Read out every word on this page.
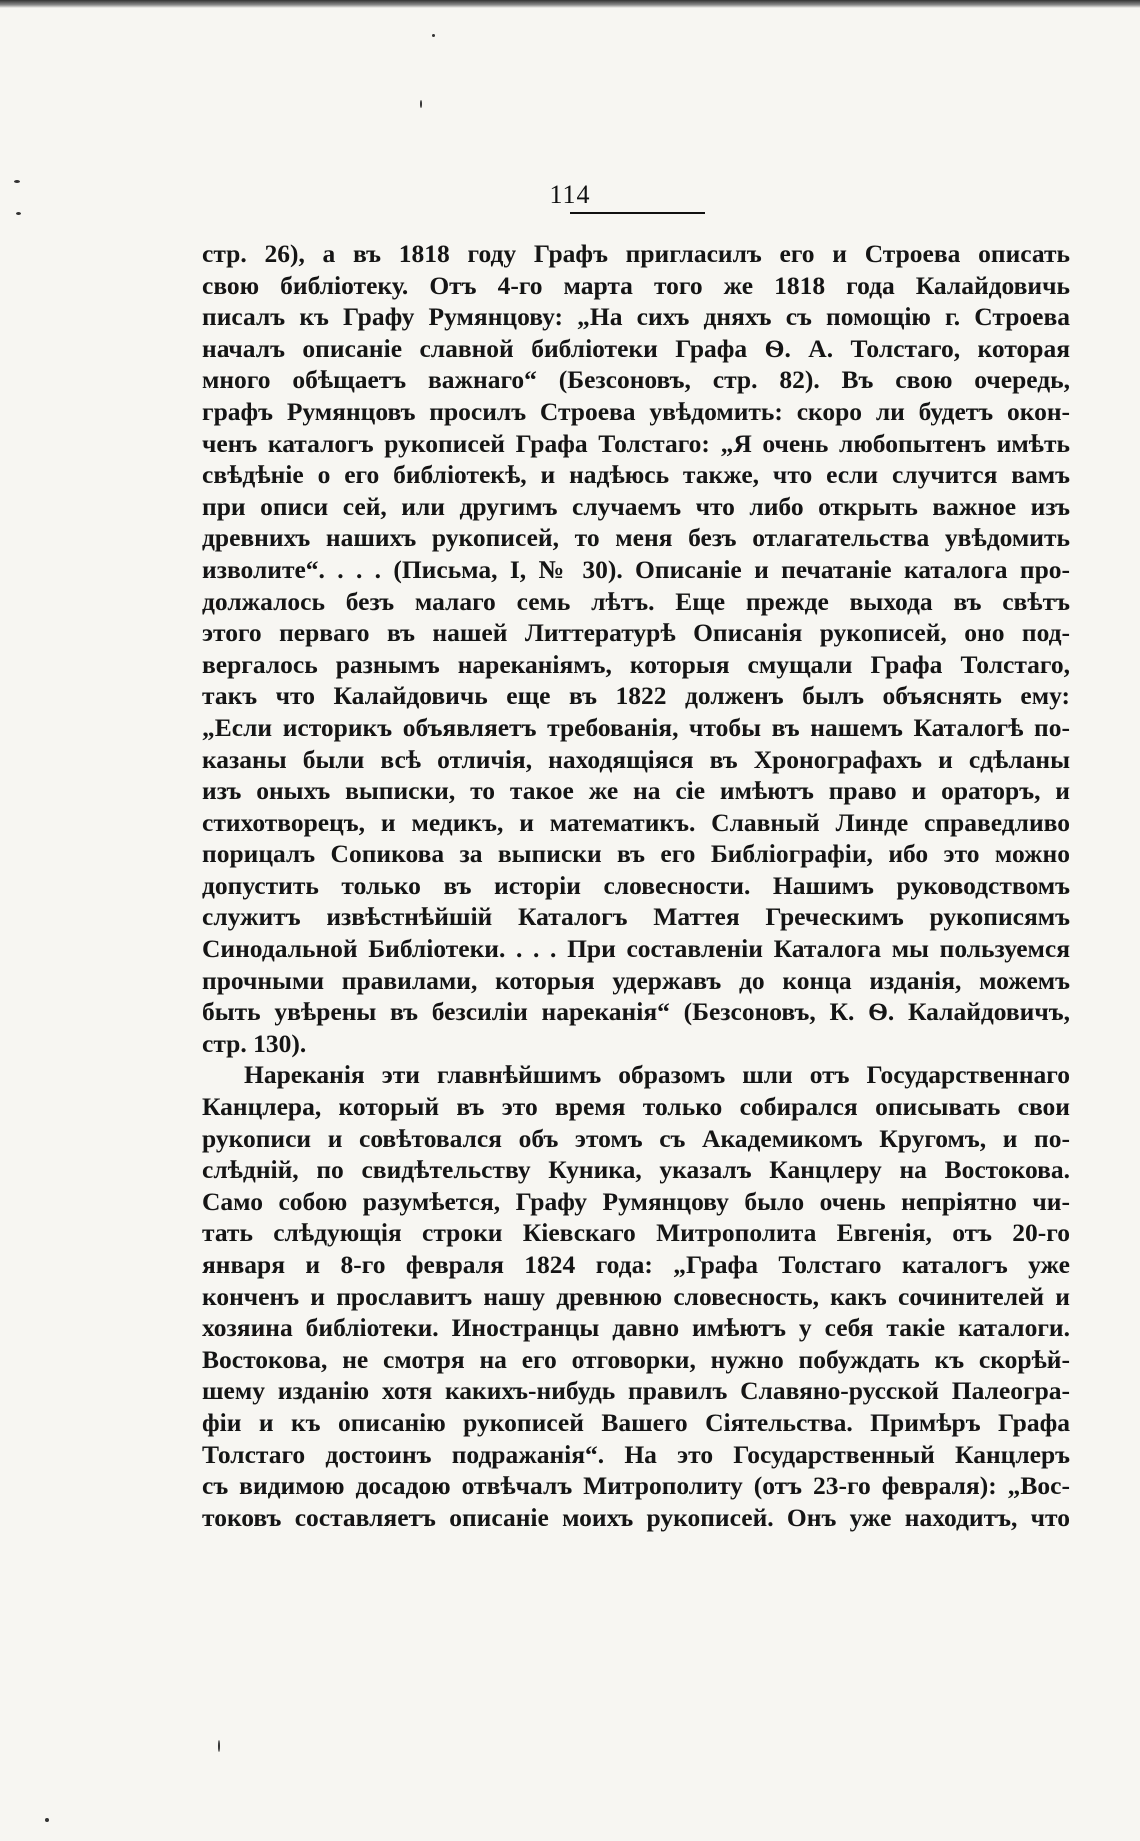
114
стр. 26), а въ 1818 году Графъ пригласилъ его и Строева описать
свою библіотеку. Отъ 4-го марта того же 1818 года Калайдовичь
писалъ къ Графу Румянцову: „На сихъ дняхъ съ помощію г. Строева
началъ описаніе славной библіотеки Графа Ѳ. А. Толстаго, которая
много обѣщаетъ важнаго“ (Безсоновъ, стр. 82). Въ свою очередь,
графъ Румянцовъ просилъ Строева увѣдомить: скоро ли будетъ окон-
ченъ каталогъ рукописей Графа Толстаго: „Я очень любопытенъ имѣть
свѣдѣніе о его библіотекѣ, и надѣюсь также, что если случится вамъ
при описи сей, или другимъ случаемъ что либо открыть важное изъ
древнихъ нашихъ рукописей, то меня безъ отлагательства увѣдомить
изволите“. . . . (Письма, I, № 30). Описаніе и печатаніе каталога про-
должалось безъ малаго семь лѣтъ. Еще прежде выхода въ свѣтъ
этого перваго въ нашей Литтературѣ Описанія рукописей, оно под-
вергалось разнымъ нареканіямъ, которыя смущали Графа Толстаго,
такъ что Калайдовичь еще въ 1822 долженъ былъ объяснять ему:
„Если историкъ объявляетъ требованія, чтобы въ нашемъ Каталогѣ по-
казаны были всѣ отличія, находящіяся въ Хронографахъ и сдѣланы
изъ оныхъ выписки, то такое же на сіе имѣютъ право и ораторъ, и
стихотворецъ, и медикъ, и математикъ. Славный Линде справедливо
порицалъ Сопикова за выписки въ его Библіографіи, ибо это можно
допустить только въ исторіи словесности. Нашимъ руководствомъ
служитъ извѣстнѣйшій Каталогъ Маттея Греческимъ рукописямъ
Синодальной Библіотеки. . . . При составленіи Каталога мы пользуемся
прочными правилами, которыя удержавъ до конца изданія, можемъ
быть увѣрены въ безсиліи нареканія“ (Безсоновъ, К. Ѳ. Калайдовичъ,
стр. 130).
Нареканія эти главнѣйшимъ образомъ шли отъ Государственнаго
Канцлера, который въ это время только собирался описывать свои
рукописи и совѣтовался объ этомъ съ Академикомъ Кругомъ, и по-
слѣдній, по свидѣтельству Куника, указалъ Канцлеру на Востокова.
Само собою разумѣется, Графу Румянцову было очень непріятно чи-
тать слѣдующія строки Кіевскаго Митрополита Евгенія, отъ 20-го
января и 8-го февраля 1824 года: „Графа Толстаго каталогъ уже
конченъ и прославитъ нашу древнюю словесность, какъ сочинителей и
хозяина библіотеки. Иностранцы давно имѣютъ у себя такіе каталоги.
Востокова, не смотря на его отговорки, нужно побуждать къ скорѣй-
шему изданію хотя какихъ-нибудь правилъ Славяно-русской Палеогра-
фіи и къ описанію рукописей Вашего Сіятельства. Примѣръ Графа
Толстаго достоинъ подражанія“. На это Государственный Канцлеръ
съ видимою досадою отвѣчалъ Митрополиту (отъ 23-го февраля): „Вос-
токовъ составляетъ описаніе моихъ рукописей. Онъ уже находитъ, что
